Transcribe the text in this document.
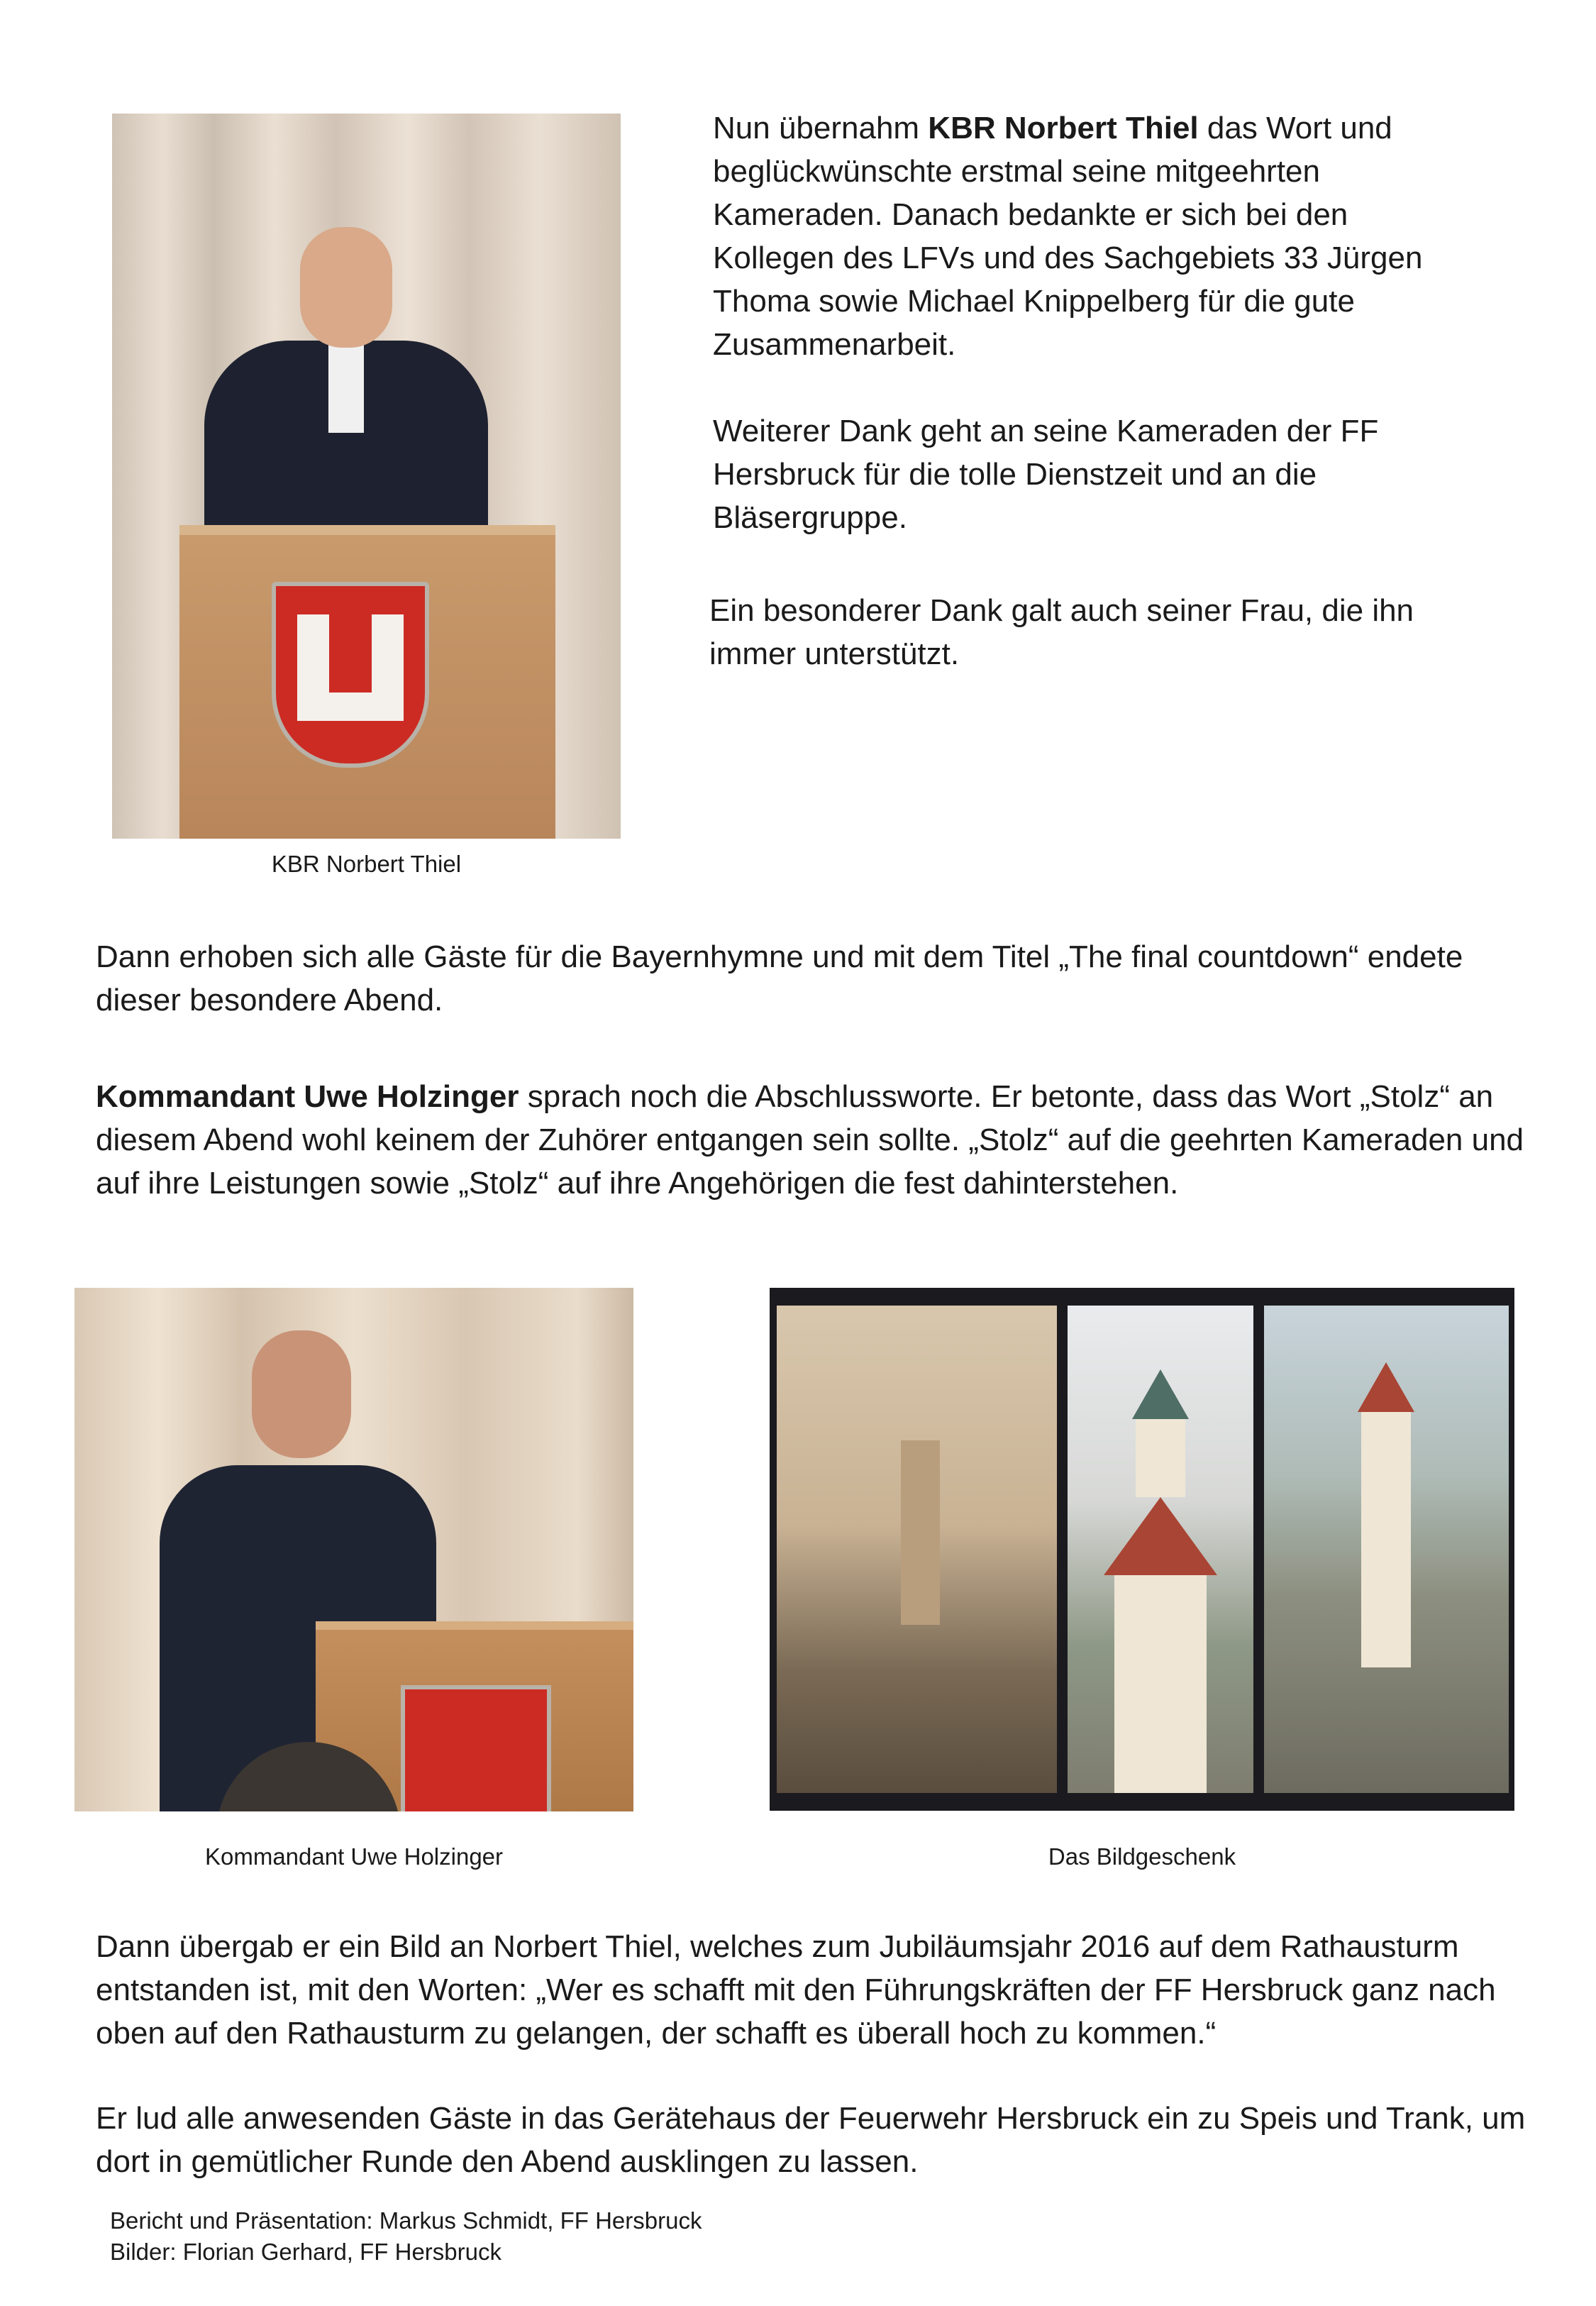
KBR Norbert Thiel

Nun übernahm KBR Norbert Thiel das Wort und beglückwünschte erstmal seine mitgeehrten Kameraden. Danach bedankte er sich bei den Kollegen des LFVs und des Sachgebiets 33 Jürgen Thoma sowie Michael Knippelberg für die gute Zusammenarbeit.

Weiterer Dank geht an seine Kameraden der FF Hersbruck für die tolle Dienstzeit und an die Bläsergruppe.

Ein besonderer Dank galt auch seiner Frau, die ihn immer unterstützt.

Dann erhoben sich alle Gäste für die Bayernhymne und mit dem Titel „The final countdown“ endete dieser besondere Abend.

Kommandant Uwe Holzinger sprach noch die Abschlussworte. Er betonte, dass das Wort „Stolz“ an diesem Abend wohl keinem der Zuhörer entgangen sein sollte. „Stolz“ auf die geehrten Kameraden und auf ihre Leistungen sowie „Stolz“ auf ihre Angehörigen die fest dahinterstehen.

Kommandant Uwe Holzinger	Das Bildgeschenk

Dann übergab er ein Bild an Norbert Thiel, welches zum Jubiläumsjahr 2016 auf dem Rathausturm entstanden ist, mit den Worten: „Wer es schafft mit den Führungskräften der FF Hersbruck ganz nach oben auf den Rathausturm zu gelangen, der schafft es überall hoch zu kommen.“

Er lud alle anwesenden Gäste in das Gerätehaus der Feuerwehr Hersbruck ein zu Speis und Trank, um dort in gemütlicher Runde den Abend ausklingen zu lassen.

Bericht und Präsentation: Markus Schmidt, FF Hersbruck
Bilder: Florian Gerhard, FF Hersbruck
